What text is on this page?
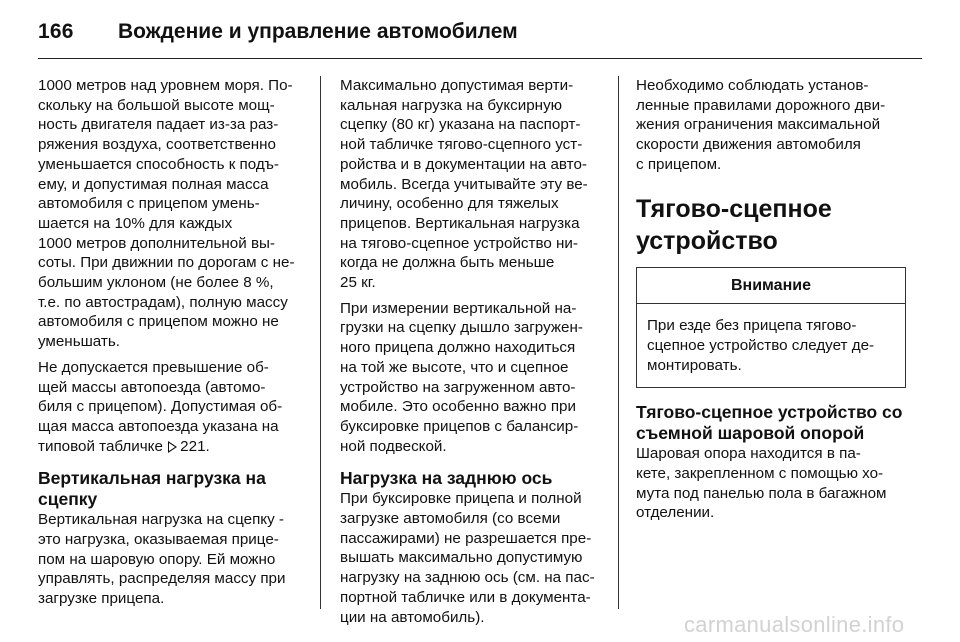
166 Вождение и управление автомобилем
1000 метров над уровнем моря. По-
скольку на большой высоте мощ-
ность двигателя падает из-за раз-
ряжения воздуха, соответственно
уменьшается способность к подъ-
ему, и допустимая полная масса
автомобиля с прицепом умень-
шается на 10% для каждых
1000 метров дополнительной вы-
соты. При движнии по дорогам с не-
большим уклоном (не более 8 %,
т.е. по автострадам), полную массу
автомобиля с прицепом можно не
уменьшать.
Не допускается превышение об-
щей массы автопоезда (автомо-
биля с прицепом). Допустимая об-
щая масса автопоезда указана на
типовой табличке 221.
Вертикальная нагрузка на
сцепку
Вертикальная нагрузка на сцепку -
это нагрузка, оказываемая прице-
пом на шаровую опору. Ей можно
управлять, распределяя массу при
загрузке прицепа.
Максимально допустимая верти-
кальная нагрузка на буксирную
сцепку (80 кг) указана на паспорт-
ной табличке тягово-сцепного уст-
ройства и в документации на авто-
мобиль. Всегда учитывайте эту ве-
личину, особенно для тяжелых
прицепов. Вертикальная нагрузка
на тягово-сцепное устройство ни-
когда не должна быть меньше
25 кг.
При измерении вертикальной на-
грузки на сцепку дышло загружен-
ного прицепа должно находиться
на той же высоте, что и сцепное
устройство на загруженном авто-
мобиле. Это особенно важно при
буксировке прицепов с балансир-
ной подвеской.
Нагрузка на заднюю ось
При буксировке прицепа и полной
загрузке автомобиля (со всеми
пассажирами) не разрешается пре-
вышать максимально допустимую
нагрузку на заднюю ось (см. на пас-
портной табличке или в документа-
ции на автомобиль).
Необходимо соблюдать установ-
ленные правилами дорожного дви-
жения ограничения максимальной
скорости движения автомобиля
с прицепом.
Тягово-сцепное
устройство
Внимание
При езде без прицепа тягово-
сцепное устройство следует де-
монтировать.
Тягово-сцепное устройство со
съемной шаровой опорой
Шаровая опора находится в па-
кете, закрепленном с помощью хо-
мута под панелью пола в багажном
отделении.
carmanualsonline.info
